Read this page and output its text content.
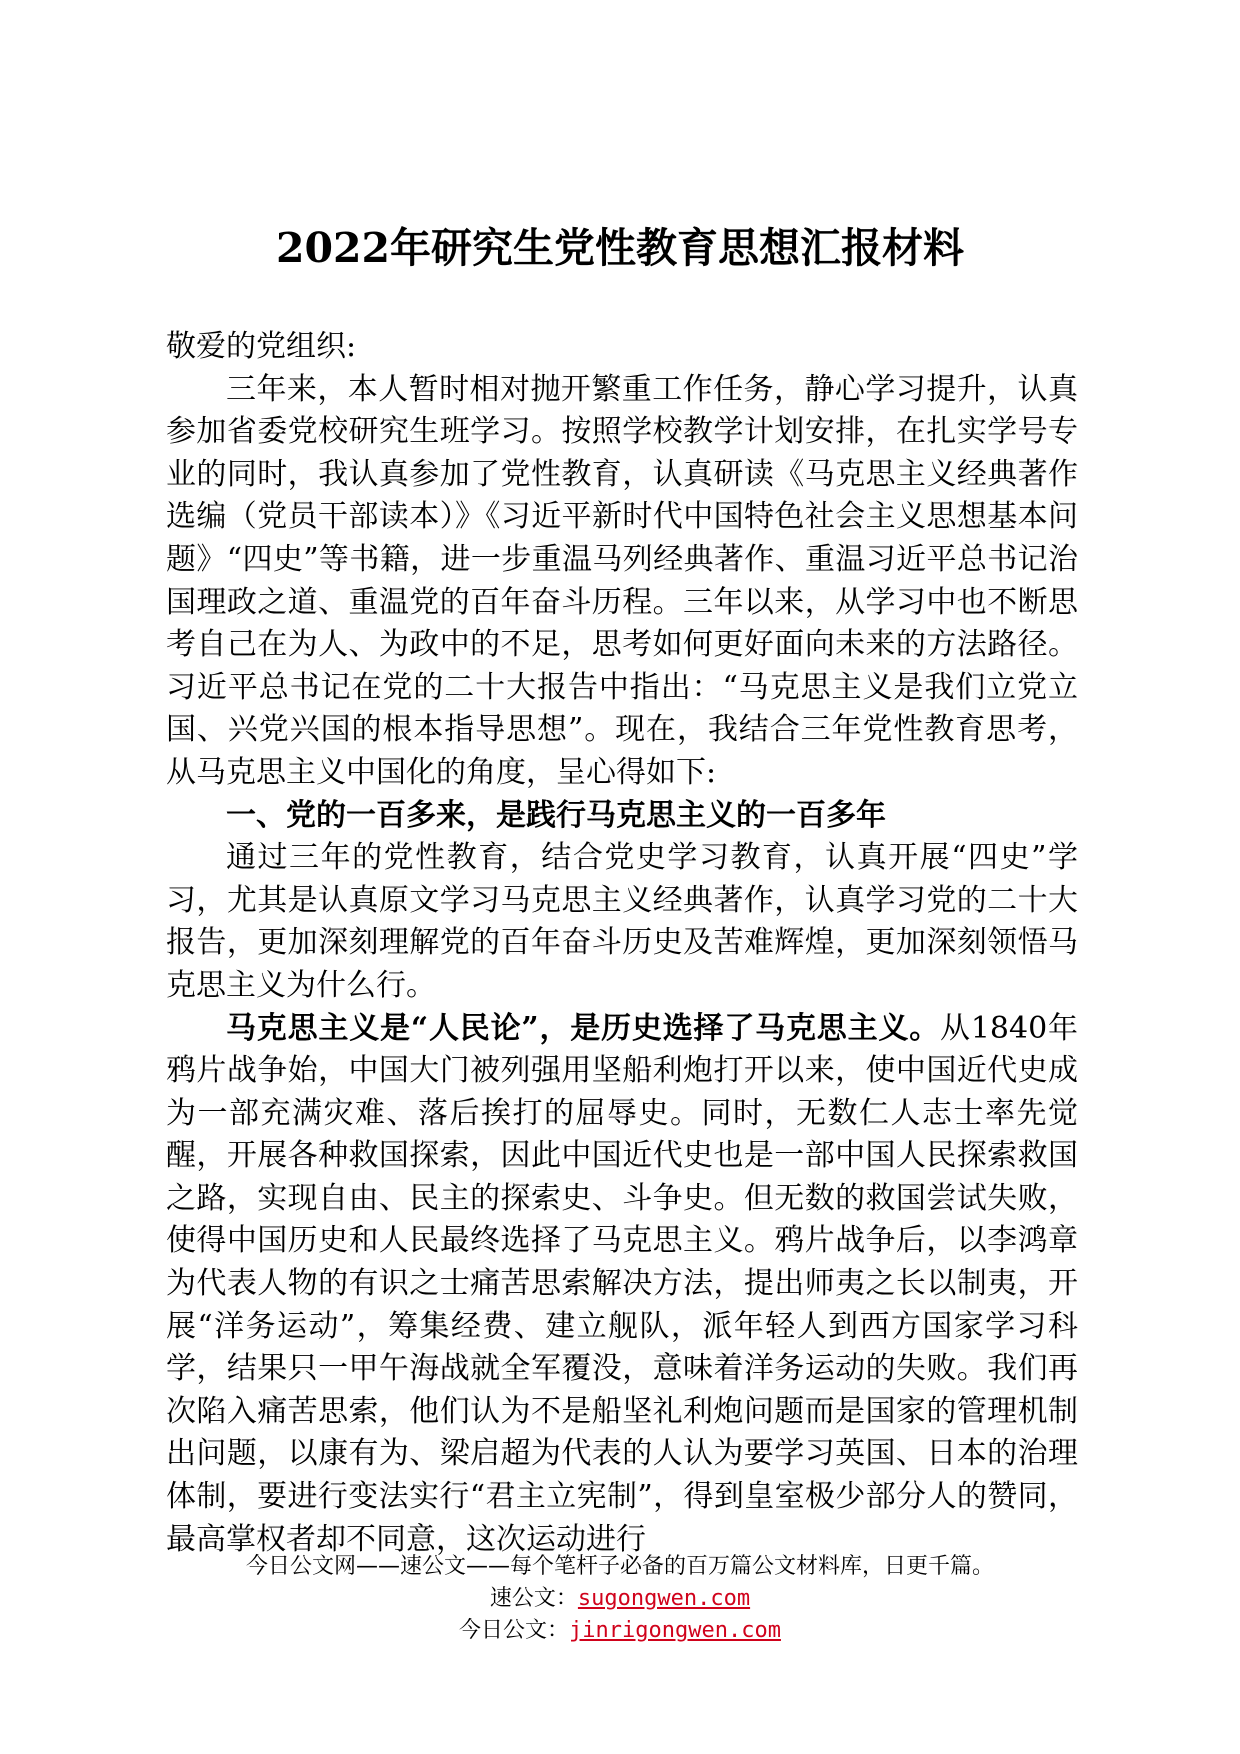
2022年研究生党性教育思想汇报材料

敬爱的党组织:

三年来，本人暂时相对抛开繁重工作任务，静心学习提升，认真参加省委党校研究生班学习。按照学校教学计划安排，在扎实学号专业的同时，我认真参加了党性教育，认真研读《马克思主义经典著作选编（党员干部读本）》《习近平新时代中国特色社会主义思想基本问题》“四史”等书籍，进一步重温马列经典著作、重温习近平总书记治国理政之道、重温党的百年奋斗历程。三年以来，从学习中也不断思考自己在为人、为政中的不足，思考如何更好面向未来的方法路径。习近平总书记在党的二十大报告中指出：“马克思主义是我们立党立国、兴党兴国的根本指导思想”。现在，我结合三年党性教育思考，从马克思主义中国化的角度，呈心得如下:

一、党的一百多来，是践行马克思主义的一百多年

通过三年的党性教育，结合党史学习教育，认真开展“四史”学习，尤其是认真原文学习马克思主义经典著作，认真学习党的二十大报告，更加深刻理解党的百年奋斗历史及苦难辉煌，更加深刻领悟马克思主义为什么行。

马克思主义是“人民论”，是历史选择了马克思主义。从1840年鸦片战争始，中国大门被列强用坚船利炮打开以来，使中国近代史成为一部充满灾难、落后挨打的屈辱史。同时，无数仁人志士率先觉醒，开展各种救国探索，因此中国近代史也是一部中国人民探索救国之路，实现自由、民主的探索史、斗争史。但无数的救国尝试失败，使得中国历史和人民最终选择了马克思主义。鸦片战争后，以李鸿章为代表人物的有识之士痛苦思索解决方法，提出师夷之长以制夷，开展“洋务运动”，筹集经费、建立舰队，派年轻人到西方国家学习科学，结果只一甲午海战就全军覆没，意味着洋务运动的失败。我们再次陷入痛苦思索，他们认为不是船坚礼利炮问题而是国家的管理机制出问题，以康有为、梁启超为代表的人认为要学习英国、日本的治理体制，要进行变法实行“君主立宪制”，得到皇室极少部分人的赞同，最高掌权者却不同意，这次运动进行

今日公文网——速公文——每个笔杆子必备的百万篇公文材料库，日更千篇。
速公文：sugongwen.com
今日公文：jinrigongwen.com
